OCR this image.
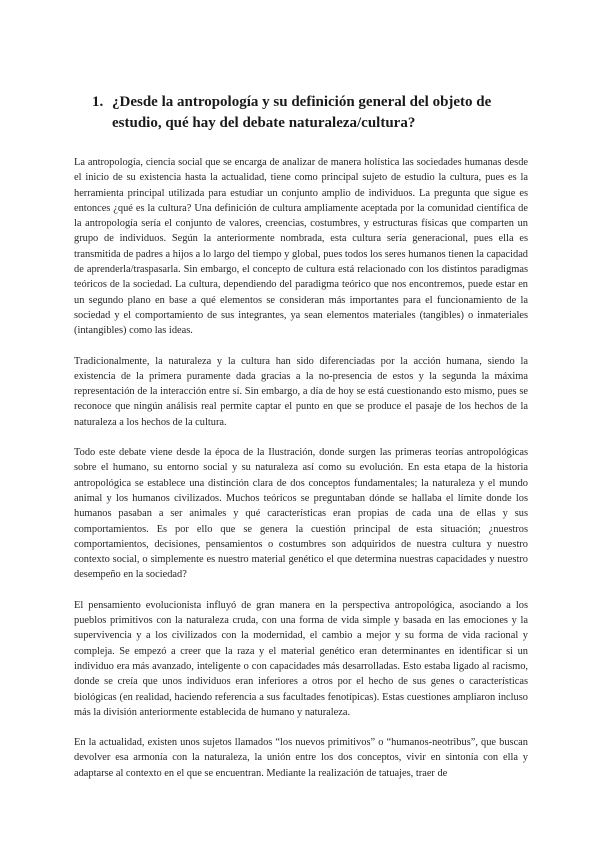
1. ¿Desde la antropología y su definición general del objeto de estudio, qué hay del debate naturaleza/cultura?

La antropología, ciencia social que se encarga de analizar de manera holística las sociedades humanas desde el inicio de su existencia hasta la actualidad, tiene como principal sujeto de estudio la cultura, pues es la herramienta principal utilizada para estudiar un conjunto amplio de individuos. La pregunta que sigue es entonces ¿qué es la cultura? Una definición de cultura ampliamente aceptada por la comunidad científica de la antropología sería el conjunto de valores, creencias, costumbres, y estructuras físicas que comparten un grupo de individuos. Según la anteriormente nombrada, esta cultura sería generacional, pues ella es transmitida de padres a hijos a lo largo del tiempo y global, pues todos los seres humanos tienen la capacidad de aprenderla/traspasarla. Sin embargo, el concepto de cultura está relacionado con los distintos paradigmas teóricos de la sociedad. La cultura, dependiendo del paradigma teórico que nos encontremos, puede estar en un segundo plano en base a qué elementos se consideran más importantes para el funcionamiento de la sociedad y el comportamiento de sus integrantes, ya sean elementos materiales (tangibles) o inmateriales (intangibles) como las ideas.

Tradicionalmente, la naturaleza y la cultura han sido diferenciadas por la acción humana, siendo la existencia de la primera puramente dada gracias a la no-presencia de estos y la segunda la máxima representación de la interacción entre sí. Sin embargo, a día de hoy se está cuestionando esto mismo, pues se reconoce que ningún análisis real permite captar el punto en que se produce el pasaje de los hechos de la naturaleza a los hechos de la cultura.

Todo este debate viene desde la época de la Ilustración, donde surgen las primeras teorías antropológicas sobre el humano, su entorno social y su naturaleza así como su evolución. En esta etapa de la historia antropológica se establece una distinción clara de dos conceptos fundamentales; la naturaleza y el mundo animal y los humanos civilizados. Muchos teóricos se preguntaban dónde se hallaba el límite donde los humanos pasaban a ser animales y qué características eran propias de cada una de ellas y sus comportamientos. Es por ello que se genera la cuestión principal de esta situación; ¿nuestros comportamientos, decisiones, pensamientos o costumbres son adquiridos de nuestra cultura y nuestro contexto social, o simplemente es nuestro material genético el que determina nuestras capacidades y nuestro desempeño en la sociedad?

El pensamiento evolucionista influyó de gran manera en la perspectiva antropológica, asociando a los pueblos primitivos con la naturaleza cruda, con una forma de vida simple y basada en las emociones y la supervivencia y a los civilizados con la modernidad, el cambio a mejor y su forma de vida racional y compleja. Se empezó a creer que la raza y el material genético eran determinantes en identificar si un individuo era más avanzado, inteligente o con capacidades más desarrolladas. Esto estaba ligado al racismo, donde se creía que unos individuos eran inferiores a otros por el hecho de sus genes o características biológicas (en realidad, haciendo referencia a sus facultades fenotípicas). Estas cuestiones ampliaron incluso más la división anteriormente establecida de humano y naturaleza.

En la actualidad, existen unos sujetos llamados “los nuevos primitivos” o “humanos-neotribus”, que buscan devolver esa armonía con la naturaleza, la unión entre los dos conceptos, vivir en sintonía con ella y adaptarse al contexto en el que se encuentran. Mediante la realización de tatuajes, traer de
